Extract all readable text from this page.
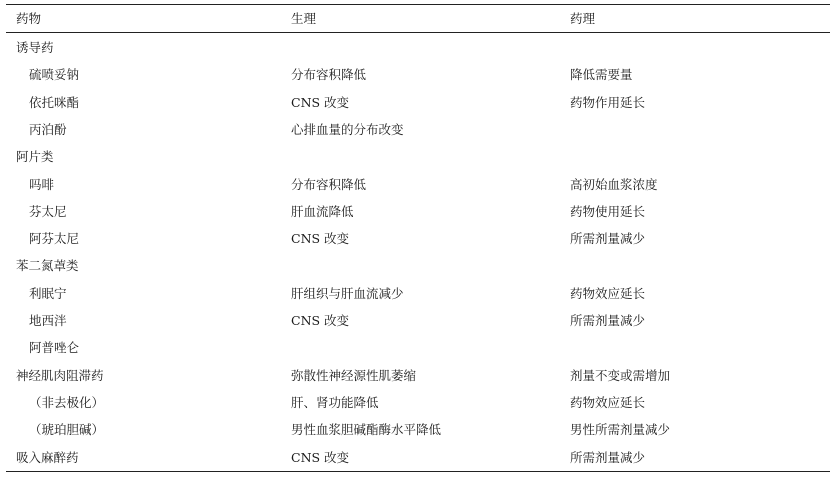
药物	生理	药理
诱导药
硫喷妥钠	分布容积降低	降低需要量
依托咪酯	CNS 改变	药物作用延长
丙泊酚	心排血量的分布改变
阿片类
吗啡	分布容积降低	高初始血浆浓度
芬太尼	肝血流降低	药物使用延长
阿芬太尼	CNS 改变	所需剂量减少
苯二氮䓬类
利眠宁	肝组织与肝血流减少	药物效应延长
地西泮	CNS 改变	所需剂量减少
阿普唑仑
神经肌肉阻滞药	弥散性神经源性肌萎缩	剂量不变或需增加
（非去极化）	肝、肾功能降低	药物效应延长
（琥珀胆碱）	男性血浆胆碱酯酶水平降低	男性所需剂量减少
吸入麻醉药	CNS 改变	所需剂量减少
